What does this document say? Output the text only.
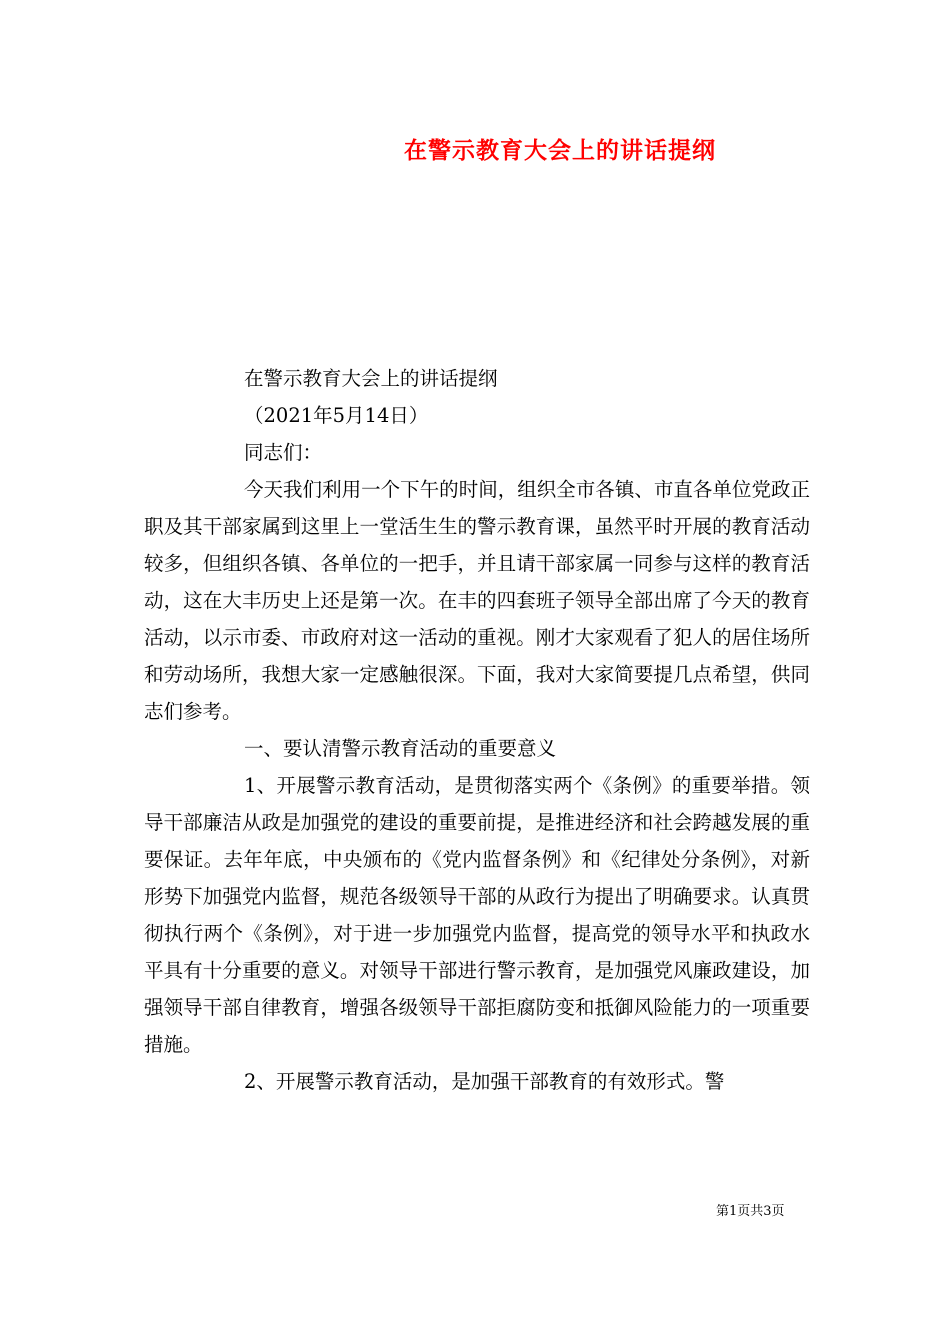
在警示教育大会上的讲话提纲

在警示教育大会上的讲话提纲

（2021年5月14日）

同志们：

今天我们利用一个下午的时间，组织全市各镇、市直各单位党政正职及其干部家属到这里上一堂活生生的警示教育课，虽然平时开展的教育活动较多，但组织各镇、各单位的一把手，并且请干部家属一同参与这样的教育活动，这在大丰历史上还是第一次。在丰的四套班子领导全部出席了今天的教育活动，以示市委、市政府对这一活动的重视。刚才大家观看了犯人的居住场所和劳动场所，我想大家一定感触很深。下面，我对大家简要提几点希望，供同志们参考。

一、要认清警示教育活动的重要意义

1、开展警示教育活动，是贯彻落实两个《条例》的重要举措。领导干部廉洁从政是加强党的建设的重要前提，是推进经济和社会跨越发展的重要保证。去年年底，中央颁布的《党内监督条例》和《纪律处分条例》，对新形势下加强党内监督，规范各级领导干部的从政行为提出了明确要求。认真贯彻执行两个《条例》，对于进一步加强党内监督，提高党的领导水平和执政水平具有十分重要的意义。对领导干部进行警示教育，是加强党风廉政建设，加强领导干部自律教育，增强各级领导干部拒腐防变和抵御风险能力的一项重要措施。

2、开展警示教育活动，是加强干部教育的有效形式。警

第1页共3页
